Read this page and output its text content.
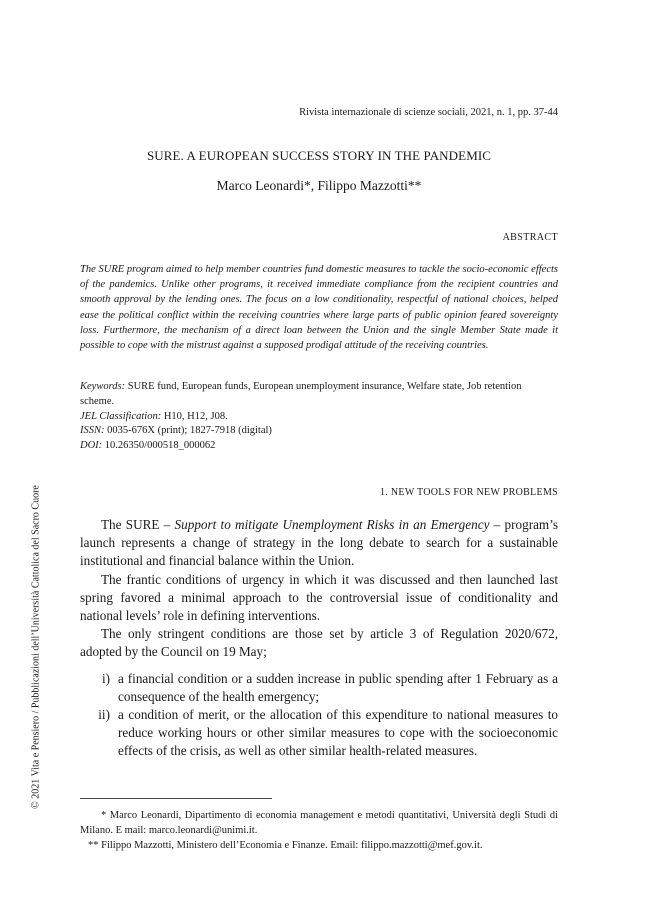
© 2021 Vita e Pensiero / Pubblicazioni dell’Università Cattolica del Sacro Cuore
Rivista internazionale di scienze sociali, 2021, n. 1, pp. 37-44
SURE. A EUROPEAN SUCCESS STORY IN THE PANDEMIC
Marco Leonardi*, Filippo Mazzotti**
ABSTRACT
The SURE program aimed to help member countries fund domestic measures to tackle the socio-economic effects of the pandemics. Unlike other programs, it received immediate compliance from the recipient countries and smooth approval by the lending ones. The focus on a low conditionality, respectful of national choices, helped ease the political conflict within the receiving countries where large parts of public opinion feared sovereignty loss. Furthermore, the mechanism of a direct loan between the Union and the single Member State made it possible to cope with the mistrust against a supposed prodigal attitude of the receiving countries.
Keywords: SURE fund, European funds, European unemployment insurance, Welfare state, Job retention scheme.
JEL Classification: H10, H12, J08.
ISSN: 0035-676X (print); 1827-7918 (digital)
DOI: 10.26350/000518_000062
1. NEW TOOLS FOR NEW PROBLEMS

The SURE – Support to mitigate Unemployment Risks in an Emergency – program’s launch represents a change of strategy in the long debate to search for a sustainable institutional and financial balance within the Union.

The frantic conditions of urgency in which it was discussed and then launched last spring favored a minimal approach to the controversial issue of conditionality and national levels’ role in defining interventions.

The only stringent conditions are those set by article 3 of Regulation 2020/672, adopted by the Council on 19 May;

i) a financial condition or a sudden increase in public spending after 1 February as a consequence of the health emergency;
ii) a condition of merit, or the allocation of this expenditure to national measures to reduce working hours or other similar measures to cope with the socioeconomic effects of the crisis, as well as other similar health-related measures.

* Marco Leonardi, Dipartimento di economia management e metodi quantitativi, Università degli Studi di Milano. E mail: marco.leonardi@unimi.it.

** Filippo Mazzotti, Ministero dell’Economia e Finanze. Email: filippo.mazzotti@mef.gov.it.
